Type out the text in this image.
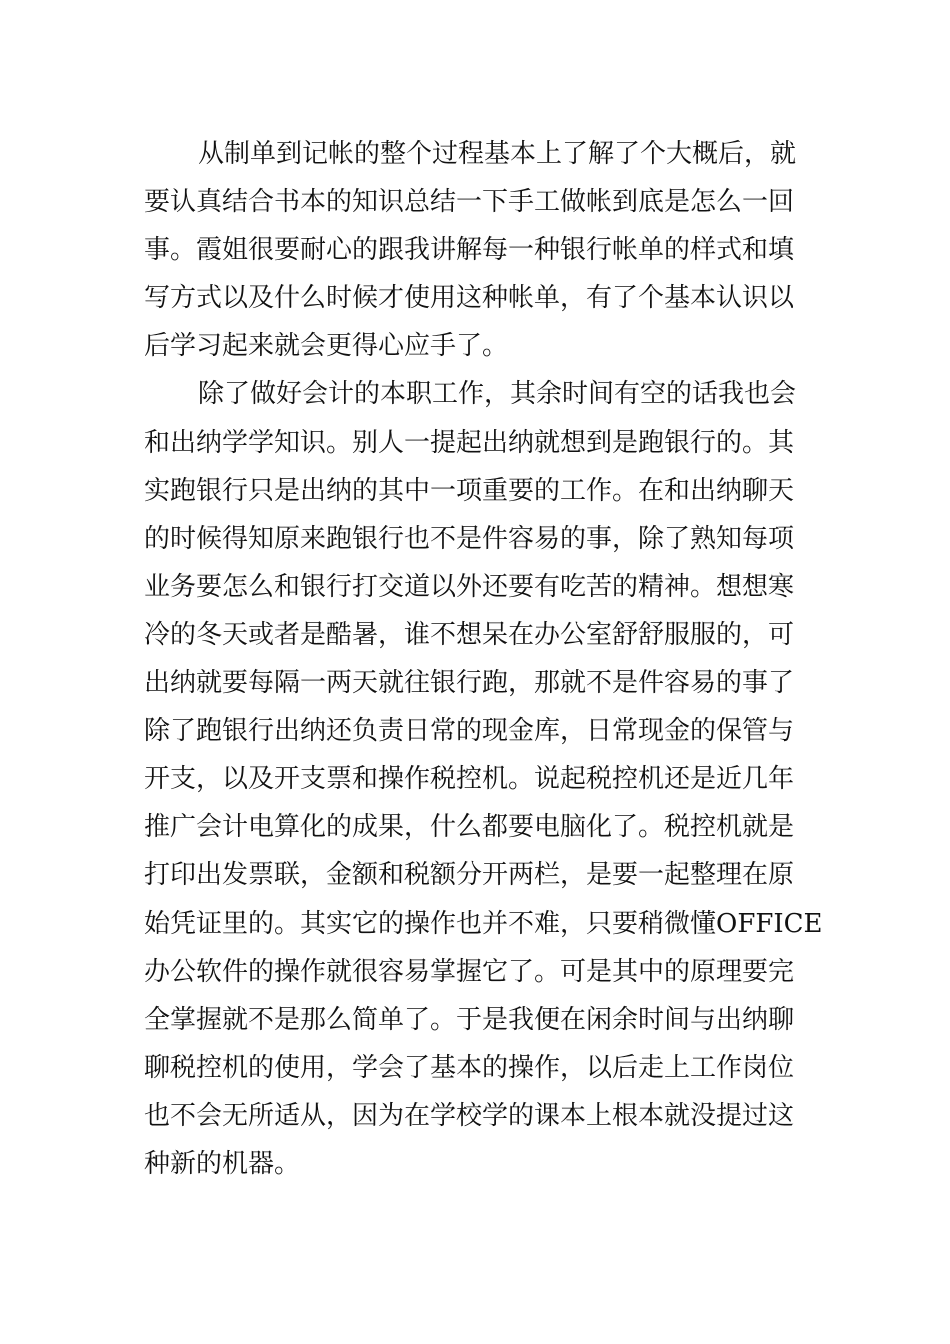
从制单到记帐的整个过程基本上了解了个大概后，就
要认真结合书本的知识总结一下手工做帐到底是怎么一回
事。霞姐很要耐心的跟我讲解每一种银行帐单的样式和填
写方式以及什么时候才使用这种帐单，有了个基本认识以
后学习起来就会更得心应手了。
除了做好会计的本职工作，其余时间有空的话我也会
和出纳学学知识。别人一提起出纳就想到是跑银行的。其
实跑银行只是出纳的其中一项重要的工作。在和出纳聊天
的时候得知原来跑银行也不是件容易的事，除了熟知每项
业务要怎么和银行打交道以外还要有吃苦的精神。想想寒
冷的冬天或者是酷暑，谁不想呆在办公室舒舒服服的，可
出纳就要每隔一两天就往银行跑，那就不是件容易的事了
除了跑银行出纳还负责日常的现金库，日常现金的保管与
开支，以及开支票和操作税控机。说起税控机还是近几年
推广会计电算化的成果，什么都要电脑化了。税控机就是
打印出发票联，金额和税额分开两栏，是要一起整理在原
始凭证里的。其实它的操作也并不难，只要稍微懂OFFICE
办公软件的操作就很容易掌握它了。可是其中的原理要完
全掌握就不是那么简单了。于是我便在闲余时间与出纳聊
聊税控机的使用，学会了基本的操作，以后走上工作岗位
也不会无所适从，因为在学校学的课本上根本就没提过这
种新的机器。
